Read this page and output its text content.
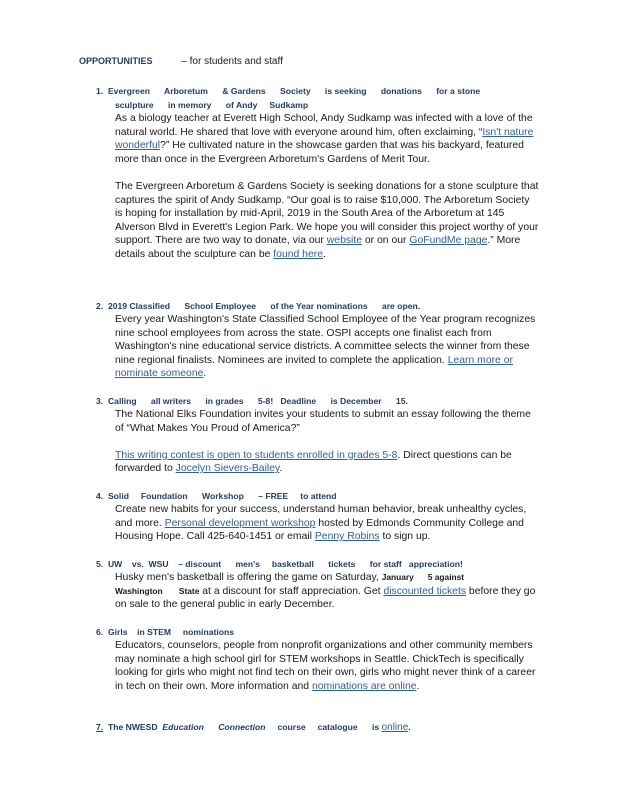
OPPORTUNITIES	– for students and staff
1. Evergreen      Arboretum      & Gardens      Society      is seeking      donations      for a stone
sculpture      in memory      of Andy     Sudkamp

As a biology teacher at Everett High School, Andy Sudkamp was infected with a love of the natural world. He shared that love with everyone around him, often exclaiming, “Isn't nature wonderful?” He cultivated nature in the showcase garden that was his backyard, featured more than once in the Evergreen Arboretum's Gardens of Merit Tour.

The Evergreen Arboretum & Gardens Society is seeking donations for a stone sculpture that captures the spirit of Andy Sudkamp. “Our goal is to raise $10,000. The Arboretum Society is hoping for installation by mid-April, 2019 in the South Area of the Arboretum at 145 Alverson Blvd in Everett's Legion Park. We hope you will consider this project worthy of your support. There are two way to donate, via our website or on our GoFundMe page.” More details about the sculpture can be found here.

2. 2019 Classified      School Employee      of the Year nominations      are open.

Every year Washington's State Classified School Employee of the Year program recognizes nine school employees from across the state. OSPI accepts one finalist each from Washington's nine educational service districts. A committee selects the winner from these nine regional finalists. Nominees are invited to complete the application. Learn more or nominate someone.

3. Calling      all writers      in grades      5-8!   Deadline      is December      15.

The National Elks Foundation invites your students to submit an essay following the theme of “What Makes You Proud of America?”

This writing contest is open to students enrolled in grades 5-8. Direct questions can be forwarded to Jocelyn Sievers-Bailey.

4. Solid     Foundation      Workshop      – FREE     to attend

Create new habits for your success, understand human behavior, break unhealthy cycles, and more. Personal development workshop hosted by Edmonds Community College and Housing Hope. Call 425-640-1451 or email Penny Robins to sign up.

5. UW    vs.  WSU    – discount      men's     basketball      tickets      for staff   appreciation!

Husky men's basketball is offering the game on Saturday, January      5 against Washington       State at a discount for staff appreciation. Get discounted tickets before they go on sale to the general public in early December.

6. Girls    in STEM     nominations

Educators, counselors, people from nonprofit organizations and other community members may nominate a high school girl for STEM workshops in Seattle. ChickTech is specifically looking for girls who might not find tech on their own, girls who might never think of a career in tech on their own. More information and nominations are online.

7. The NWESD  Education      Connection     course     catalogue      is online.
